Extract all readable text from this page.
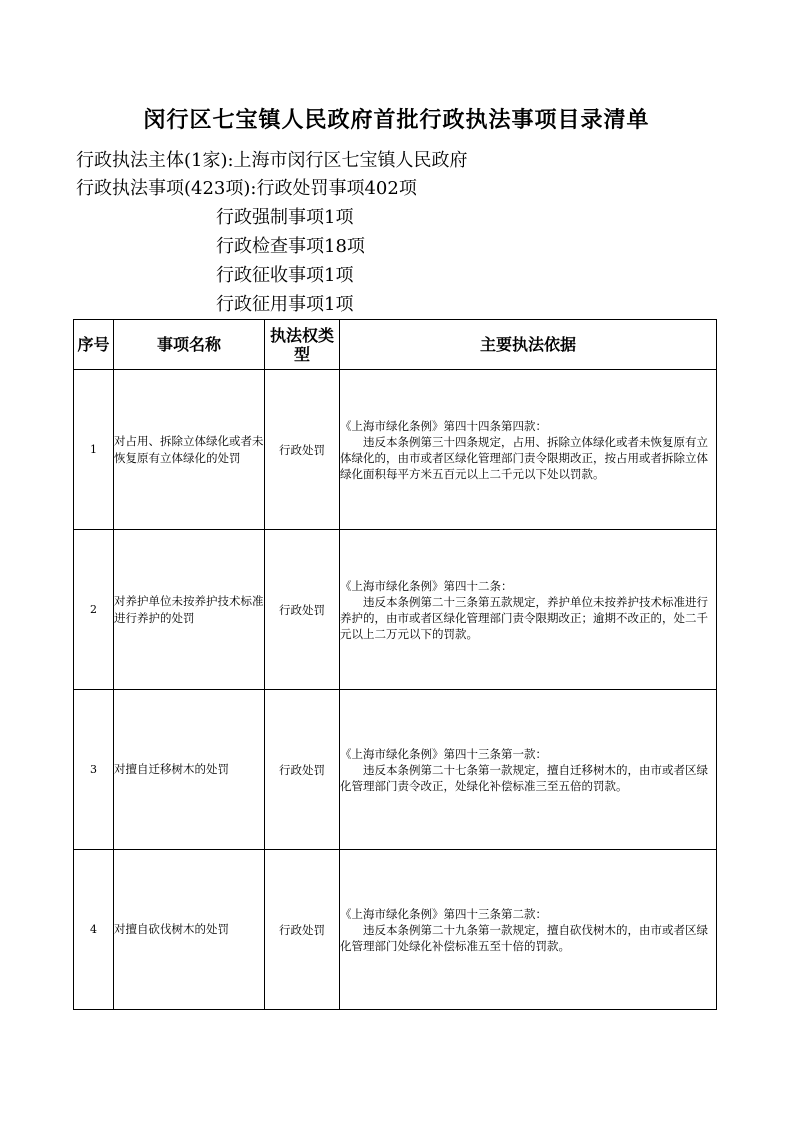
闵行区七宝镇人民政府首批行政执法事项目录清单
行政执法主体(1家):上海市闵行区七宝镇人民政府
行政执法事项(423项):行政处罚事项402项
行政强制事项1项
行政检查事项18项
行政征收事项1项
行政征用事项1项
序号	事项名称	执法权类型	主要执法依据
1	对占用、拆除立体绿化或者未恢复原有立体绿化的处罚	行政处罚	《上海市绿化条例》第四十四条第四款：
违反本条例第三十四条规定，占用、拆除立体绿化或者未恢复原有立体绿化的，由市或者区绿化管理部门责令限期改正，按占用或者拆除立体绿化面积每平方米五百元以上二千元以下处以罚款。

2	对养护单位未按养护技术标准进行养护的处罚	行政处罚	《上海市绿化条例》第四十二条：
违反本条例第二十三条第五款规定，养护单位未按养护技术标准进行养护的，由市或者区绿化管理部门责令限期改正；逾期不改正的，处二千元以上二万元以下的罚款。

3	对擅自迁移树木的处罚	行政处罚	《上海市绿化条例》第四十三条第一款：
违反本条例第二十七条第一款规定，擅自迁移树木的，由市或者区绿化管理部门责令改正，处绿化补偿标准三至五倍的罚款。

4	对擅自砍伐树木的处罚	行政处罚	《上海市绿化条例》第四十三条第二款：
违反本条例第二十九条第一款规定，擅自砍伐树木的，由市或者区绿化管理部门处绿化补偿标准五至十倍的罚款。
